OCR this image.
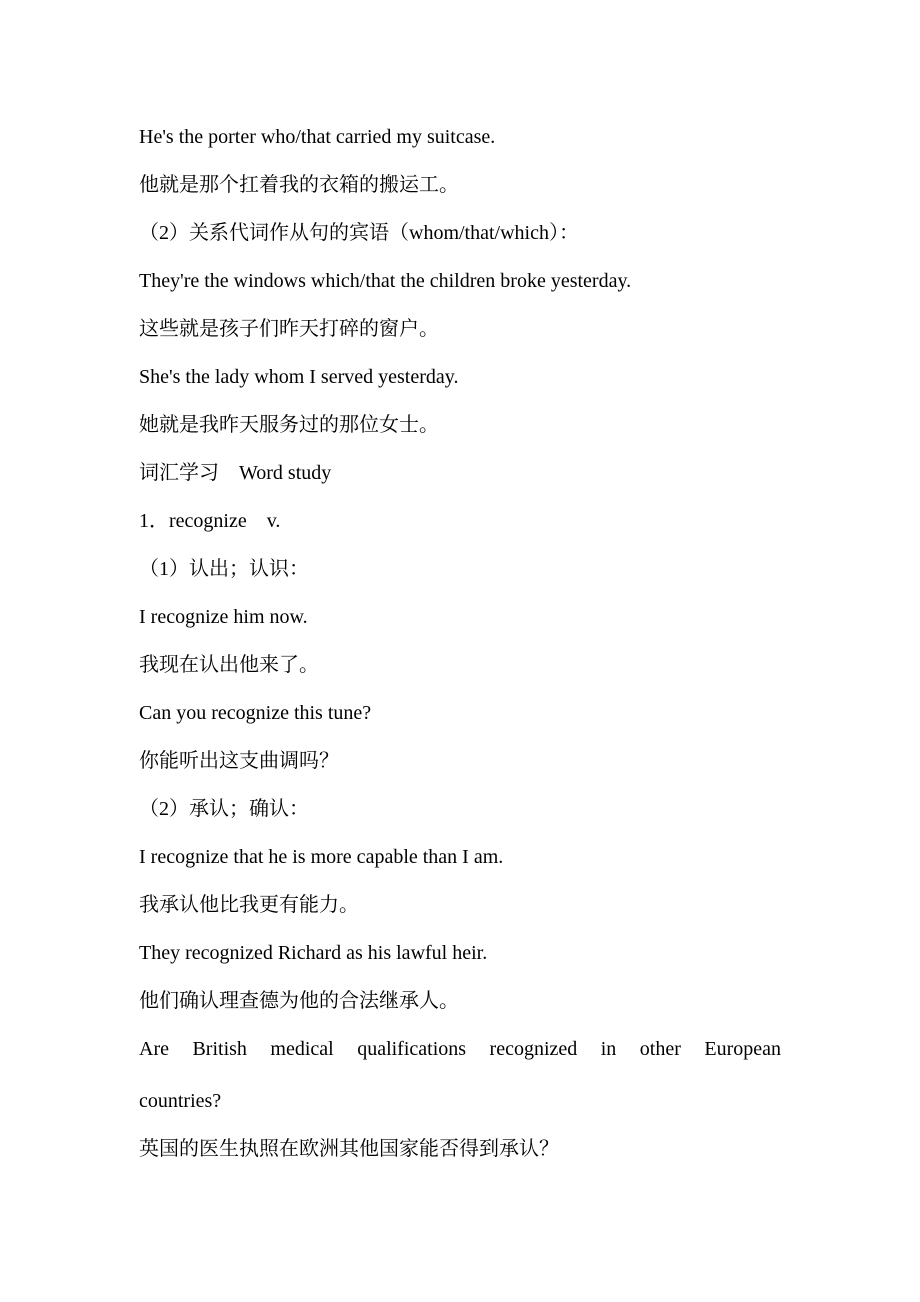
He's the porter who/that carried my suitcase.
他就是那个扛着我的衣箱的搬运工。
（2）关系代词作从句的宾语（whom/that/which）：
They're the windows which/that the children broke yesterday.
这些就是孩子们昨天打碎的窗户。
She's the lady whom I served yesterday.
她就是我昨天服务过的那位女士。
词汇学习　Word study
1．recognize　v.
（1）认出；认识：
I recognize him now.
我现在认出他来了。
Can you recognize this tune?
你能听出这支曲调吗？
（2）承认；确认：
I recognize that he is more capable than I am.
我承认他比我更有能力。
They recognized Richard as his lawful heir.
他们确认理查德为他的合法继承人。
Are British medical qualifications recognized in other European
countries?
英国的医生执照在欧洲其他国家能否得到承认？
